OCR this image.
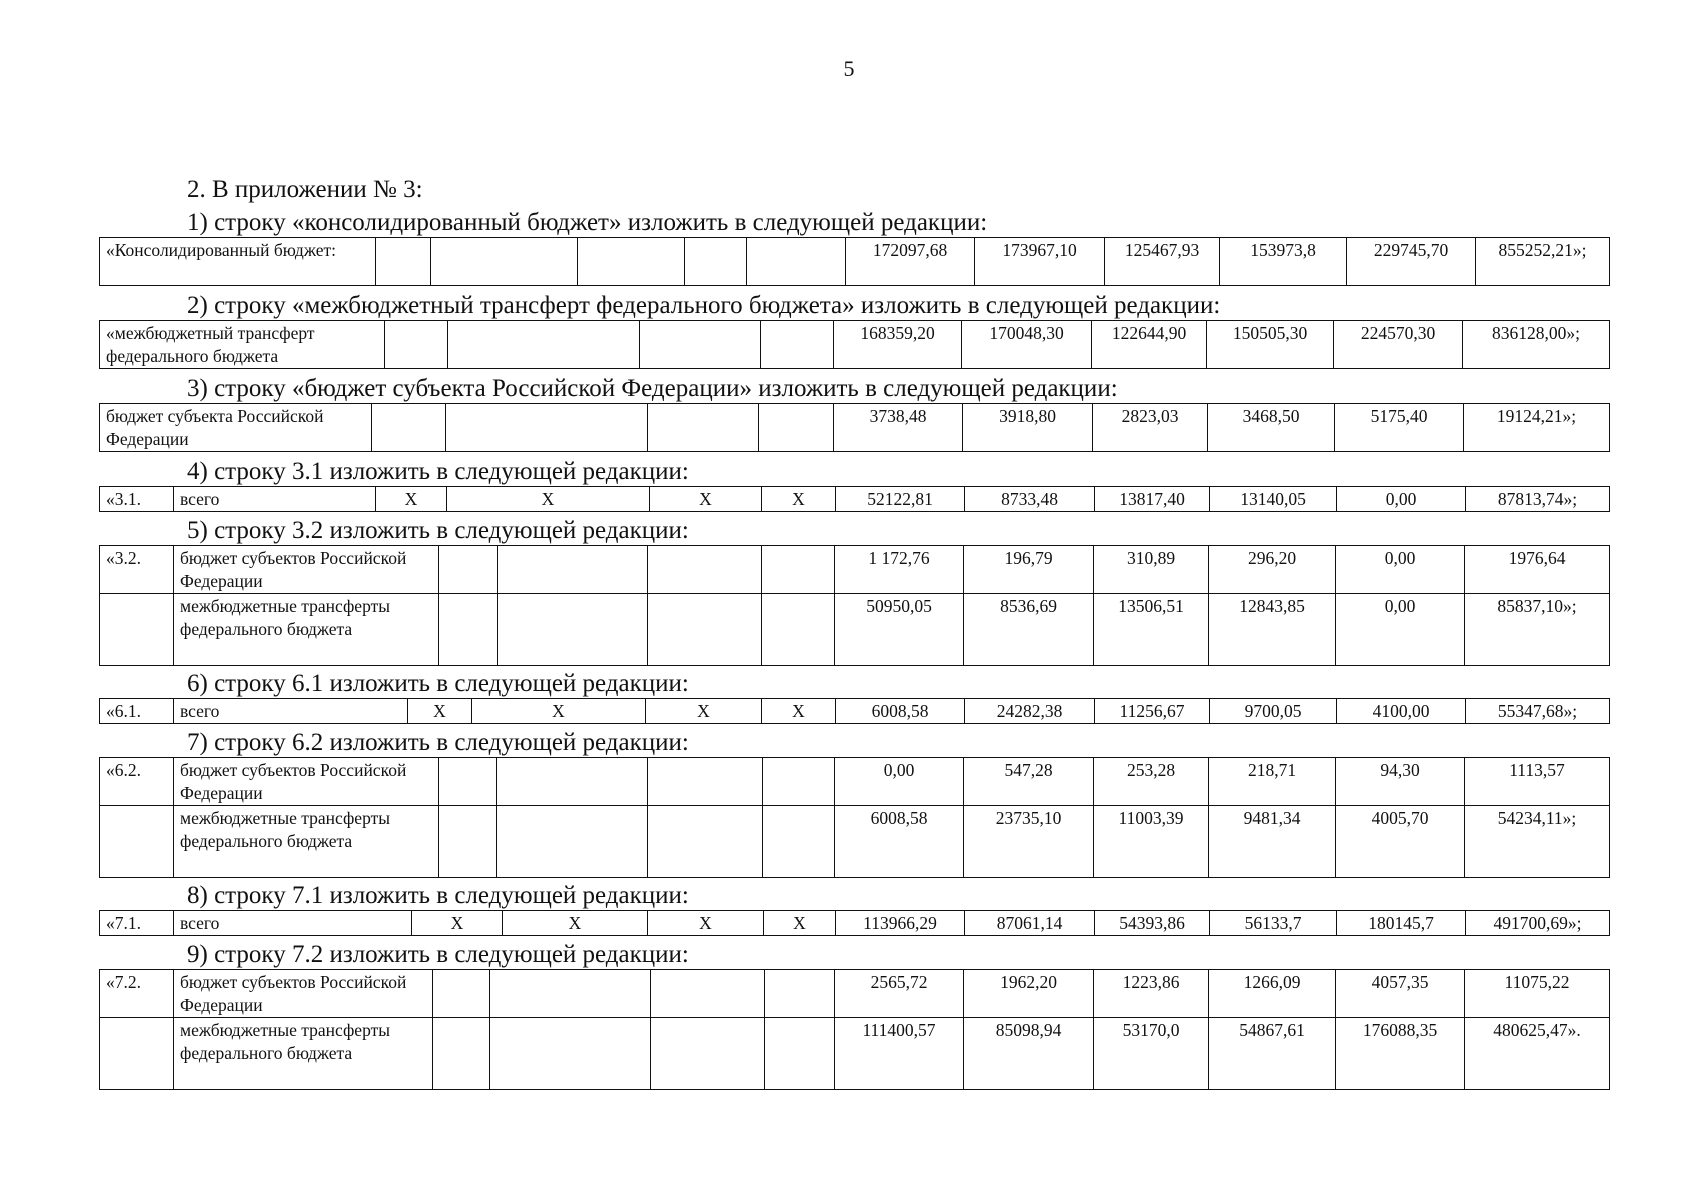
5
2. В приложении № 3:
1) строку «консолидированный бюджет» изложить в следующей редакции:
«Консолидированный бюджет:						172097,68	173967,10	125467,93	153973,8	229745,70	855252,21»;
2) строку «межбюджетный трансферт федерального бюджета» изложить в следующей редакции:
«межбюджетный трансферт федерального бюджета					168359,20	170048,30	122644,90	150505,30	224570,30	836128,00»;
3) строку «бюджет субъекта Российской Федерации» изложить в следующей редакции:
бюджет субъекта Российской Федерации					3738,48	3918,80	2823,03	3468,50	5175,40	19124,21»;
4) строку 3.1 изложить в следующей редакции:
«3.1.	всего	Х	Х	Х	Х	52122,81	8733,48	13817,40	13140,05	0,00	87813,74»;
5) строку 3.2 изложить в следующей редакции:
«3.2.	бюджет субъектов Российской Федерации					1 172,76	196,79	310,89	296,20	0,00	1976,64
	межбюджетные трансферты федерального бюджета					50950,05	8536,69	13506,51	12843,85	0,00	85837,10»;
6) строку 6.1 изложить в следующей редакции:
«6.1.	всего	Х	Х	Х	Х	6008,58	24282,38	11256,67	9700,05	4100,00	55347,68»;
7) строку 6.2 изложить в следующей редакции:
«6.2.	бюджет субъектов Российской Федерации					0,00	547,28	253,28	218,71	94,30	1113,57
	межбюджетные трансферты федерального бюджета					6008,58	23735,10	11003,39	9481,34	4005,70	54234,11»;
8) строку 7.1 изложить в следующей редакции:
«7.1.	всего	Х	Х	Х	Х	113966,29	87061,14	54393,86	56133,7	180145,7	491700,69»;
9) строку 7.2 изложить в следующей редакции:
«7.2.	бюджет субъектов Российской Федерации					2565,72	1962,20	1223,86	1266,09	4057,35	11075,22
	межбюджетные трансферты федерального бюджета					111400,57	85098,94	53170,0	54867,61	176088,35	480625,47».
